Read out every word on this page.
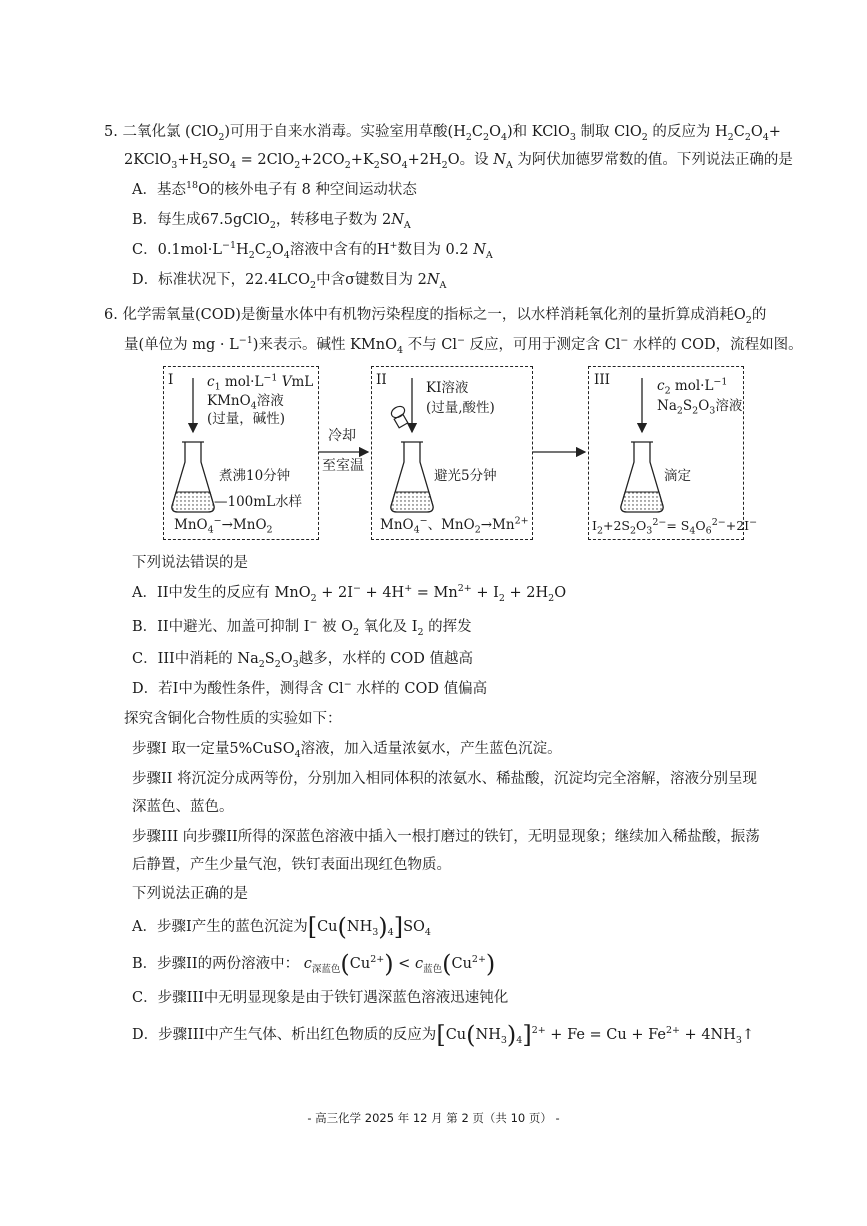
5. 二氧化氯 (ClO$_2$)可用于自来水消毒。实验室用草酸$(H_2C_2O_4)$和 KClO$_3$ 制取 ClO$_2$ 的反应为 $H_2C_2O_4+$
$2KClO_3+H_2SO_4 = 2ClO_2+2CO_2+K_2SO_4+2H_2O$。设 $N_A$ 为阿伏加德罗常数的值。下列说法正确的是
A．基态$^{18}$O的核外电子有 8 种空间运动状态
B．每生成67.5gClO$_2$，转移电子数为 $2N_A$
C．$0.1mol\cdot L^{-1}H_2C_2O_4$溶液中含有的H+数目为 0.2 $N_A$
D．标准状况下，$22.4LCO_2$中含σ键数目为 $2N_A$
6. 化学需氧量(COD)是衡量水体中有机物污染程度的指标之一，以水样消耗氧化剂的量折算成消耗$O_2$的
量(单位为 mg · $L^{-1}$)来表示。碱性 KMnO$_4$ 不与 Cl− 反应，可用于测定含 Cl− 水样的 COD，流程如图。
I $c_1$ $mol\cdot L^{-1}$ VmL
KMnO$_4$溶液
(过量，碱性)
煮沸10分钟
—100mL水样
MnO$_4$−→MnO$_2$
冷却
至室温
II	KI溶液
(过量,酸性)
避光5分钟
MnO$_4$−、$MnO_2\to Mn^{2+}$
III	$c_2$ $mol\cdot L^{-1}$
$Na_2S_2O_3$溶液
滴定
$I_2+2S_2O_3^{2-}= S_4O_6^{2-}+2I^-$
下列说法错误的是
A．II中发生的反应有 $MnO_2 + 2I^- + 4H^+ = Mn^{2+} + I_2 + 2H_2O$
B．II中避光、加盖可抑制 I− 被 $O_2$ 氧化及 $I_2$ 的挥发
C．III中消耗的 $Na_2S_2O_3$越多，水样的 COD 值越高
D．若I中为酸性条件，测得含 Cl− 水样的 COD 值偏高
探究含铜化合物性质的实验如下：
步骤I 取一定量5%CuSO$_4$溶液，加入适量浓氨水，产生蓝色沉淀。
步骤II 将沉淀分成两等份，分别加入相同体积的浓氨水、稀盐酸，沉淀均完全溶解，溶液分别呈现
深蓝色、蓝色。
步骤III 向步骤II所得的深蓝色溶液中插入一根打磨过的铁钉，无明显现象；继续加入稀盐酸，振荡
后静置，产生少量气泡，铁钉表面出现红色物质。
下列说法正确的是
A．步骤I产生的蓝色沉淀为$[Cu(NH_3)_4]SO_4$
B．步骤II的两份溶液中： $c_{深蓝色}(Cu^{2+}) < c_{蓝色}(Cu^{2+})$
C．步骤III中无明显现象是由于铁钉遇深蓝色溶液迅速钝化
D．步骤III中产生气体、析出红色物质的反应为$[Cu(NH_3)_4]^{2+} + Fe = Cu + Fe^{2+}$ + $4NH_3↑$
- 高三化学 2025 年 12 月 第 2 页（共 10 页） -
